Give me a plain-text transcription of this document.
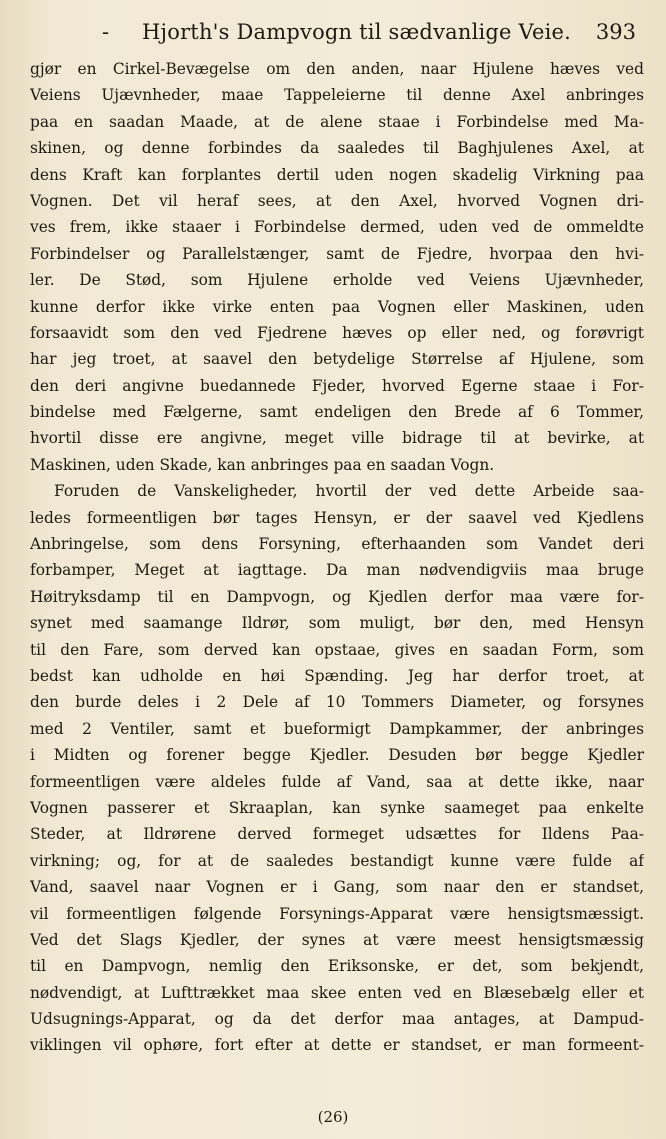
- Hjorth's Dampvogn til sædvanlige Veie. 393
gjør en Cirkel-Bevægelse om den anden, naar Hjulene hæves ved
Veiens Ujævnheder, maae Tappeleierne til denne Axel anbringes
paa en saadan Maade, at de alene staae i Forbindelse med Ma-
skinen, og denne forbindes da saaledes til Baghjulenes Axel, at
dens Kraft kan forplantes dertil uden nogen skadelig Virkning paa
Vognen. Det vil heraf sees, at den Axel, hvorved Vognen dri-
ves frem, ikke staaer i Forbindelse dermed, uden ved de ommeldte
Forbindelser og Parallelstænger, samt de Fjedre, hvorpaa den hvi-
ler. De Stød, som Hjulene erholde ved Veiens Ujævnheder,
kunne derfor ikke virke enten paa Vognen eller Maskinen, uden
forsaavidt som den ved Fjedrene hæves op eller ned, og forøvrigt
har jeg troet, at saavel den betydelige Størrelse af Hjulene, som
den deri angivne buedannede Fjeder, hvorved Egerne staae i For-
bindelse med Fælgerne, samt endeligen den Brede af 6 Tommer,
hvortil disse ere angivne, meget ville bidrage til at bevirke, at
Maskinen, uden Skade, kan anbringes paa en saadan Vogn.
Foruden de Vanskeligheder, hvortil der ved dette Arbeide saa-
ledes formeentligen bør tages Hensyn, er der saavel ved Kjedlens
Anbringelse, som dens Forsyning, efterhaanden som Vandet deri
forbamper, Meget at iagttage. Da man nødvendigviis maa bruge
Høitryksdamp til en Dampvogn, og Kjedlen derfor maa være for-
synet med saamange Ildrør, som muligt, bør den, med Hensyn
til den Fare, som derved kan opstaae, gives en saadan Form, som
bedst kan udholde en høi Spænding. Jeg har derfor troet, at
den burde deles i 2 Dele af 10 Tommers Diameter, og forsynes
med 2 Ventiler, samt et bueformigt Dampkammer, der anbringes
i Midten og forener begge Kjedler. Desuden bør begge Kjedler
formeentligen være aldeles fulde af Vand, saa at dette ikke, naar
Vognen passerer et Skraaplan, kan synke saameget paa enkelte
Steder, at Ildrørene derved formeget udsættes for Ildens Paa-
virkning; og, for at de saaledes bestandigt kunne være fulde af
Vand, saavel naar Vognen er i Gang, som naar den er standset,
vil formeentligen følgende Forsynings-Apparat være hensigtsmæssigt.
Ved det Slags Kjedler, der synes at være meest hensigtsmæssig
til en Dampvogn, nemlig den Eriksonske, er det, som bekjendt,
nødvendigt, at Lufttrækket maa skee enten ved en Blæsebælg eller et
Udsugnings-Apparat, og da det derfor maa antages, at Dampud-
viklingen vil ophøre, fort efter at dette er standset, er man formeent-
(26)
